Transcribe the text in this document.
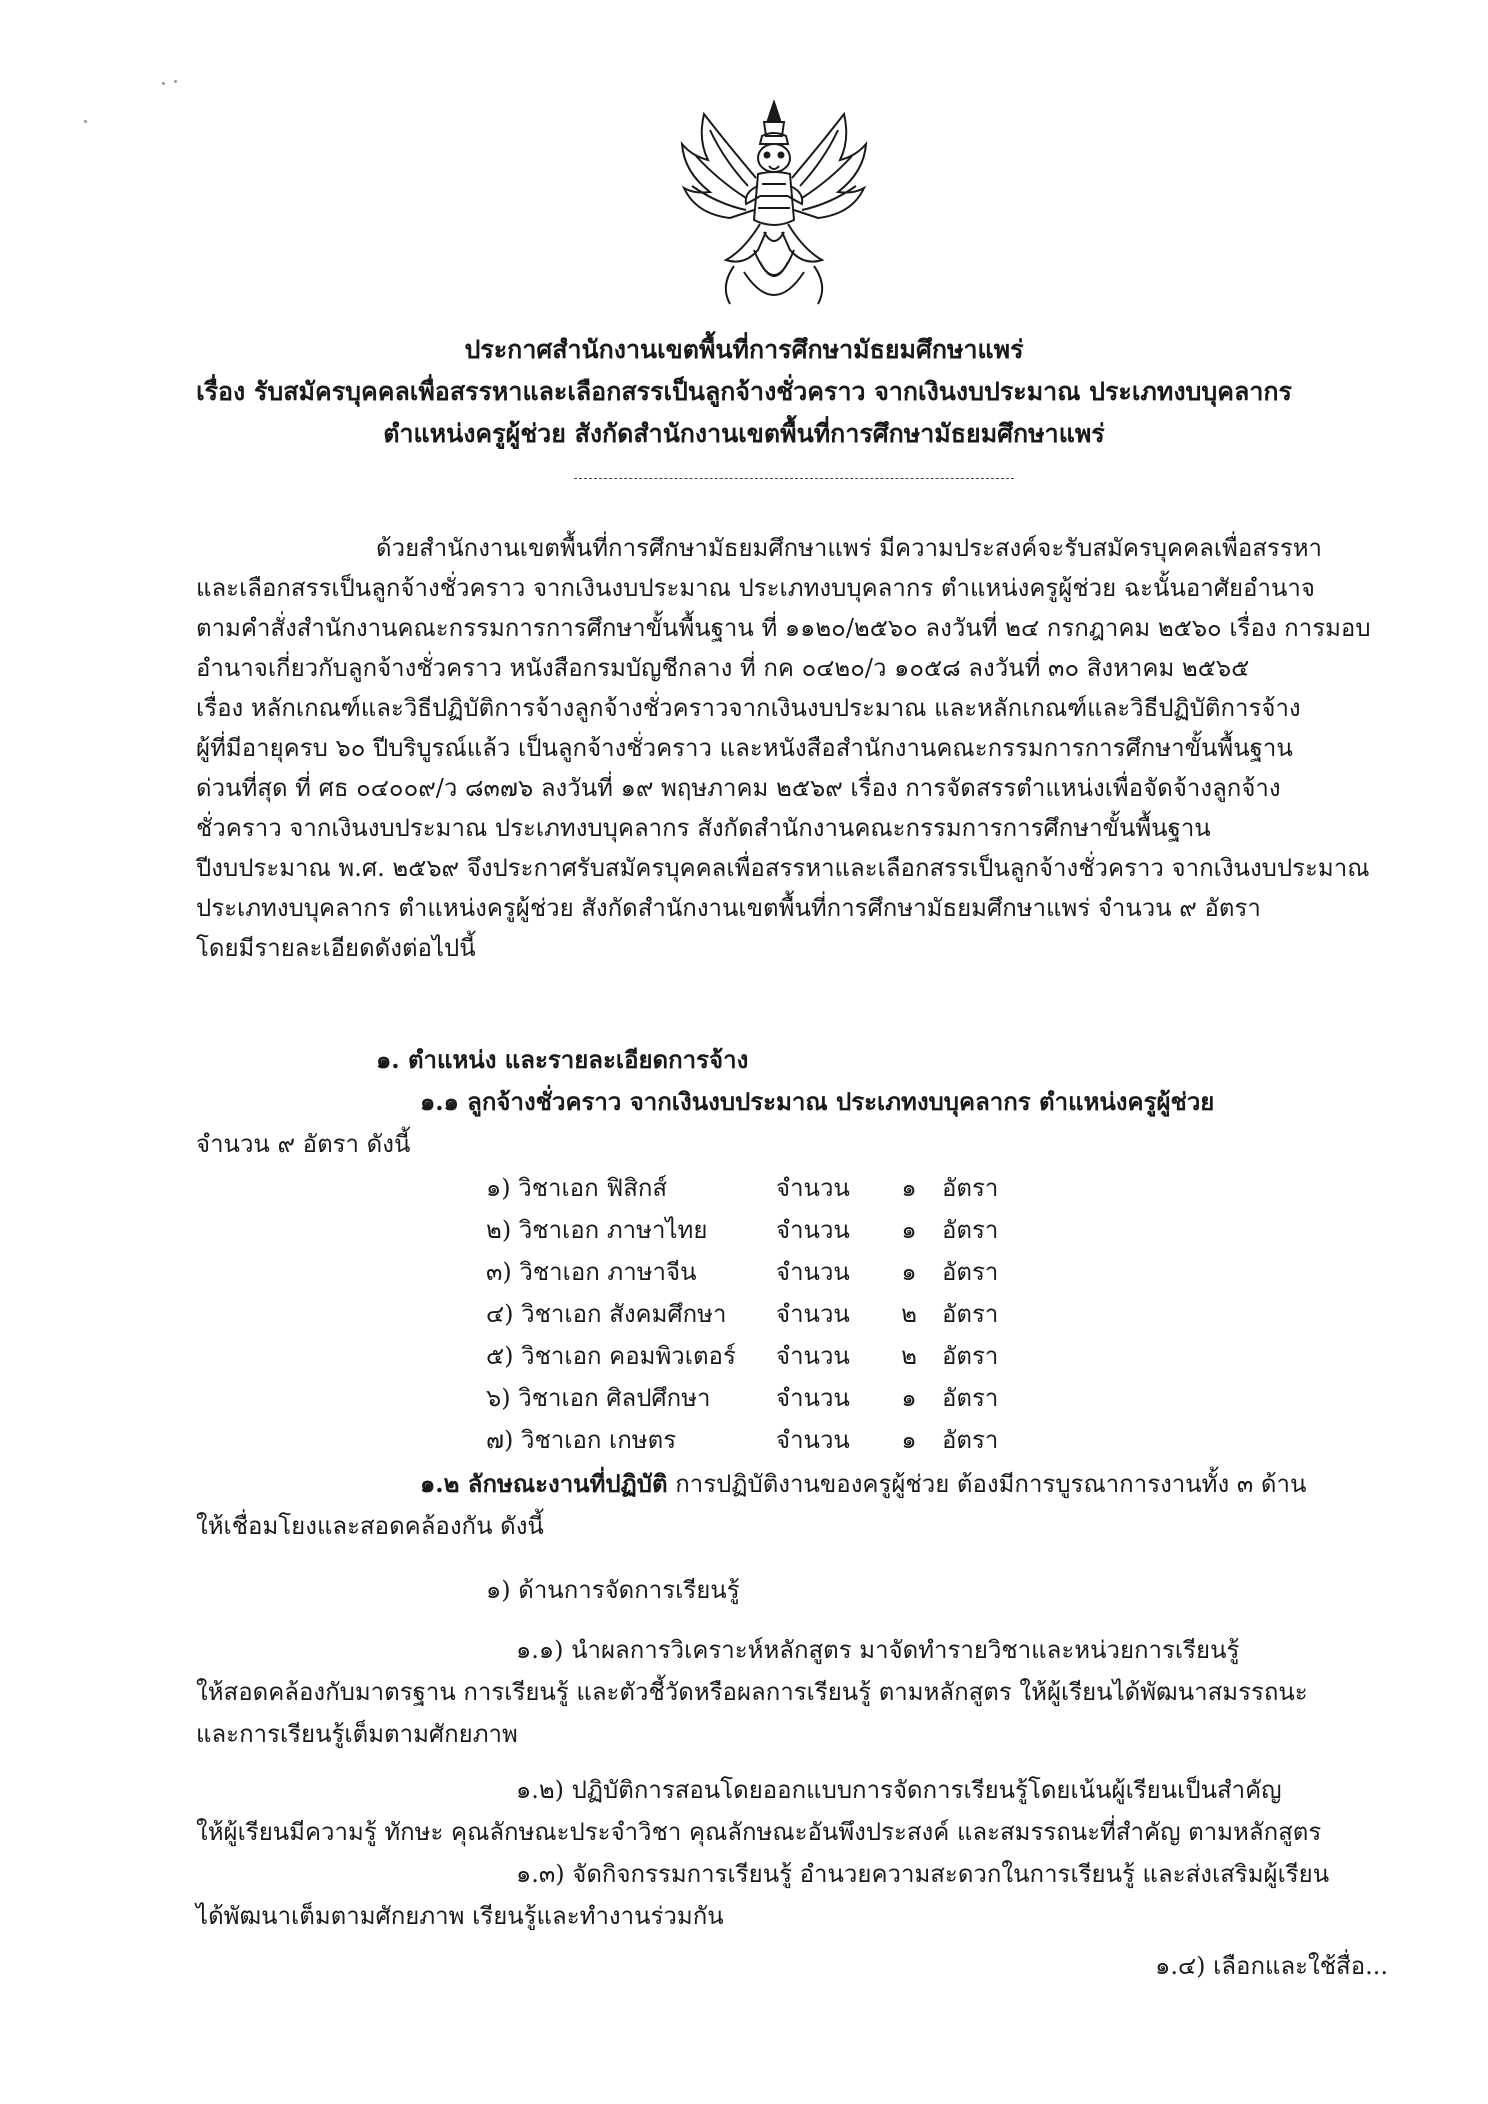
ประกาศสำนักงานเขตพื้นที่การศึกษามัธยมศึกษาแพร่
เรื่อง รับสมัครบุคคลเพื่อสรรหาและเลือกสรรเป็นลูกจ้างชั่วคราว จากเงินงบประมาณ ประเภทงบบุคลากร
ตำแหน่งครูผู้ช่วย สังกัดสำนักงานเขตพื้นที่การศึกษามัธยมศึกษาแพร่
ด้วยสำนักงานเขตพื้นที่การศึกษามัธยมศึกษาแพร่ มีความประสงค์จะรับสมัครบุคคลเพื่อสรรหา
และเลือกสรรเป็นลูกจ้างชั่วคราว จากเงินงบประมาณ ประเภทงบบุคลากร ตำแหน่งครูผู้ช่วย ฉะนั้นอาศัยอำนาจ
ตามคำสั่งสำนักงานคณะกรรมการการศึกษาขั้นพื้นฐาน ที่ ๑๑๒๐/๒๕๖๐ ลงวันที่ ๒๔ กรกฎาคม ๒๕๖๐ เรื่อง การมอบ
อำนาจเกี่ยวกับลูกจ้างชั่วคราว หนังสือกรมบัญชีกลาง ที่ กค ๐๔๒๐/ว ๑๐๕๘ ลงวันที่ ๓๐ สิงหาคม ๒๕๖๕
เรื่อง หลักเกณฑ์และวิธีปฏิบัติการจ้างลูกจ้างชั่วคราวจากเงินงบประมาณ และหลักเกณฑ์และวิธีปฏิบัติการจ้าง
ผู้ที่มีอายุครบ ๖๐ ปีบริบูรณ์แล้ว เป็นลูกจ้างชั่วคราว และหนังสือสำนักงานคณะกรรมการการศึกษาขั้นพื้นฐาน
ด่วนที่สุด ที่ ศธ ๐๔๐๐๙/ว ๘๓๗๖ ลงวันที่ ๑๙ พฤษภาคม ๒๕๖๙ เรื่อง การจัดสรรตำแหน่งเพื่อจัดจ้างลูกจ้าง
ชั่วคราว จากเงินงบประมาณ ประเภทงบบุคลากร สังกัดสำนักงานคณะกรรมการการศึกษาขั้นพื้นฐาน
ปีงบประมาณ พ.ศ. ๒๕๖๙ จึงประกาศรับสมัครบุคคลเพื่อสรรหาและเลือกสรรเป็นลูกจ้างชั่วคราว จากเงินงบประมาณ
ประเภทงบบุคลากร ตำแหน่งครูผู้ช่วย สังกัดสำนักงานเขตพื้นที่การศึกษามัธยมศึกษาแพร่ จำนวน ๙ อัตรา
โดยมีรายละเอียดดังต่อไปนี้
๑. ตำแหน่ง และรายละเอียดการจ้าง
๑.๑ ลูกจ้างชั่วคราว จากเงินงบประมาณ ประเภทงบบุคลากร ตำแหน่งครูผู้ช่วย
จำนวน ๙ อัตรา ดังนี้
๑) วิชาเอก ฟิสิกส์	จำนวน	๑	อัตรา
๒) วิชาเอก ภาษาไทย	จำนวน	๑	อัตรา
๓) วิชาเอก ภาษาจีน	จำนวน	๑	อัตรา
๔) วิชาเอก สังคมศึกษา	จำนวน	๒	อัตรา
๕) วิชาเอก คอมพิวเตอร์	จำนวน	๒	อัตรา
๖) วิชาเอก ศิลปศึกษา	จำนวน	๑	อัตรา
๗) วิชาเอก เกษตร	จำนวน	๑	อัตรา
๑.๒ ลักษณะงานที่ปฏิบัติ การปฏิบัติงานของครูผู้ช่วย ต้องมีการบูรณาการงานทั้ง ๓ ด้าน
ให้เชื่อมโยงและสอดคล้องกัน ดังนี้
๑) ด้านการจัดการเรียนรู้
๑.๑) นำผลการวิเคราะห์หลักสูตร มาจัดทำรายวิชาและหน่วยการเรียนรู้
ให้สอดคล้องกับมาตรฐาน การเรียนรู้ และตัวชี้วัดหรือผลการเรียนรู้ ตามหลักสูตร ให้ผู้เรียนได้พัฒนาสมรรถนะ
และการเรียนรู้เต็มตามศักยภาพ
๑.๒) ปฏิบัติการสอนโดยออกแบบการจัดการเรียนรู้โดยเน้นผู้เรียนเป็นสำคัญ
ให้ผู้เรียนมีความรู้ ทักษะ คุณลักษณะประจำวิชา คุณลักษณะอันพึงประสงค์ และสมรรถนะที่สำคัญ ตามหลักสูตร
๑.๓) จัดกิจกรรมการเรียนรู้ อำนวยความสะดวกในการเรียนรู้ และส่งเสริมผู้เรียน
ได้พัฒนาเต็มตามศักยภาพ เรียนรู้และทำงานร่วมกัน
๑.๔) เลือกและใช้สื่อ...
